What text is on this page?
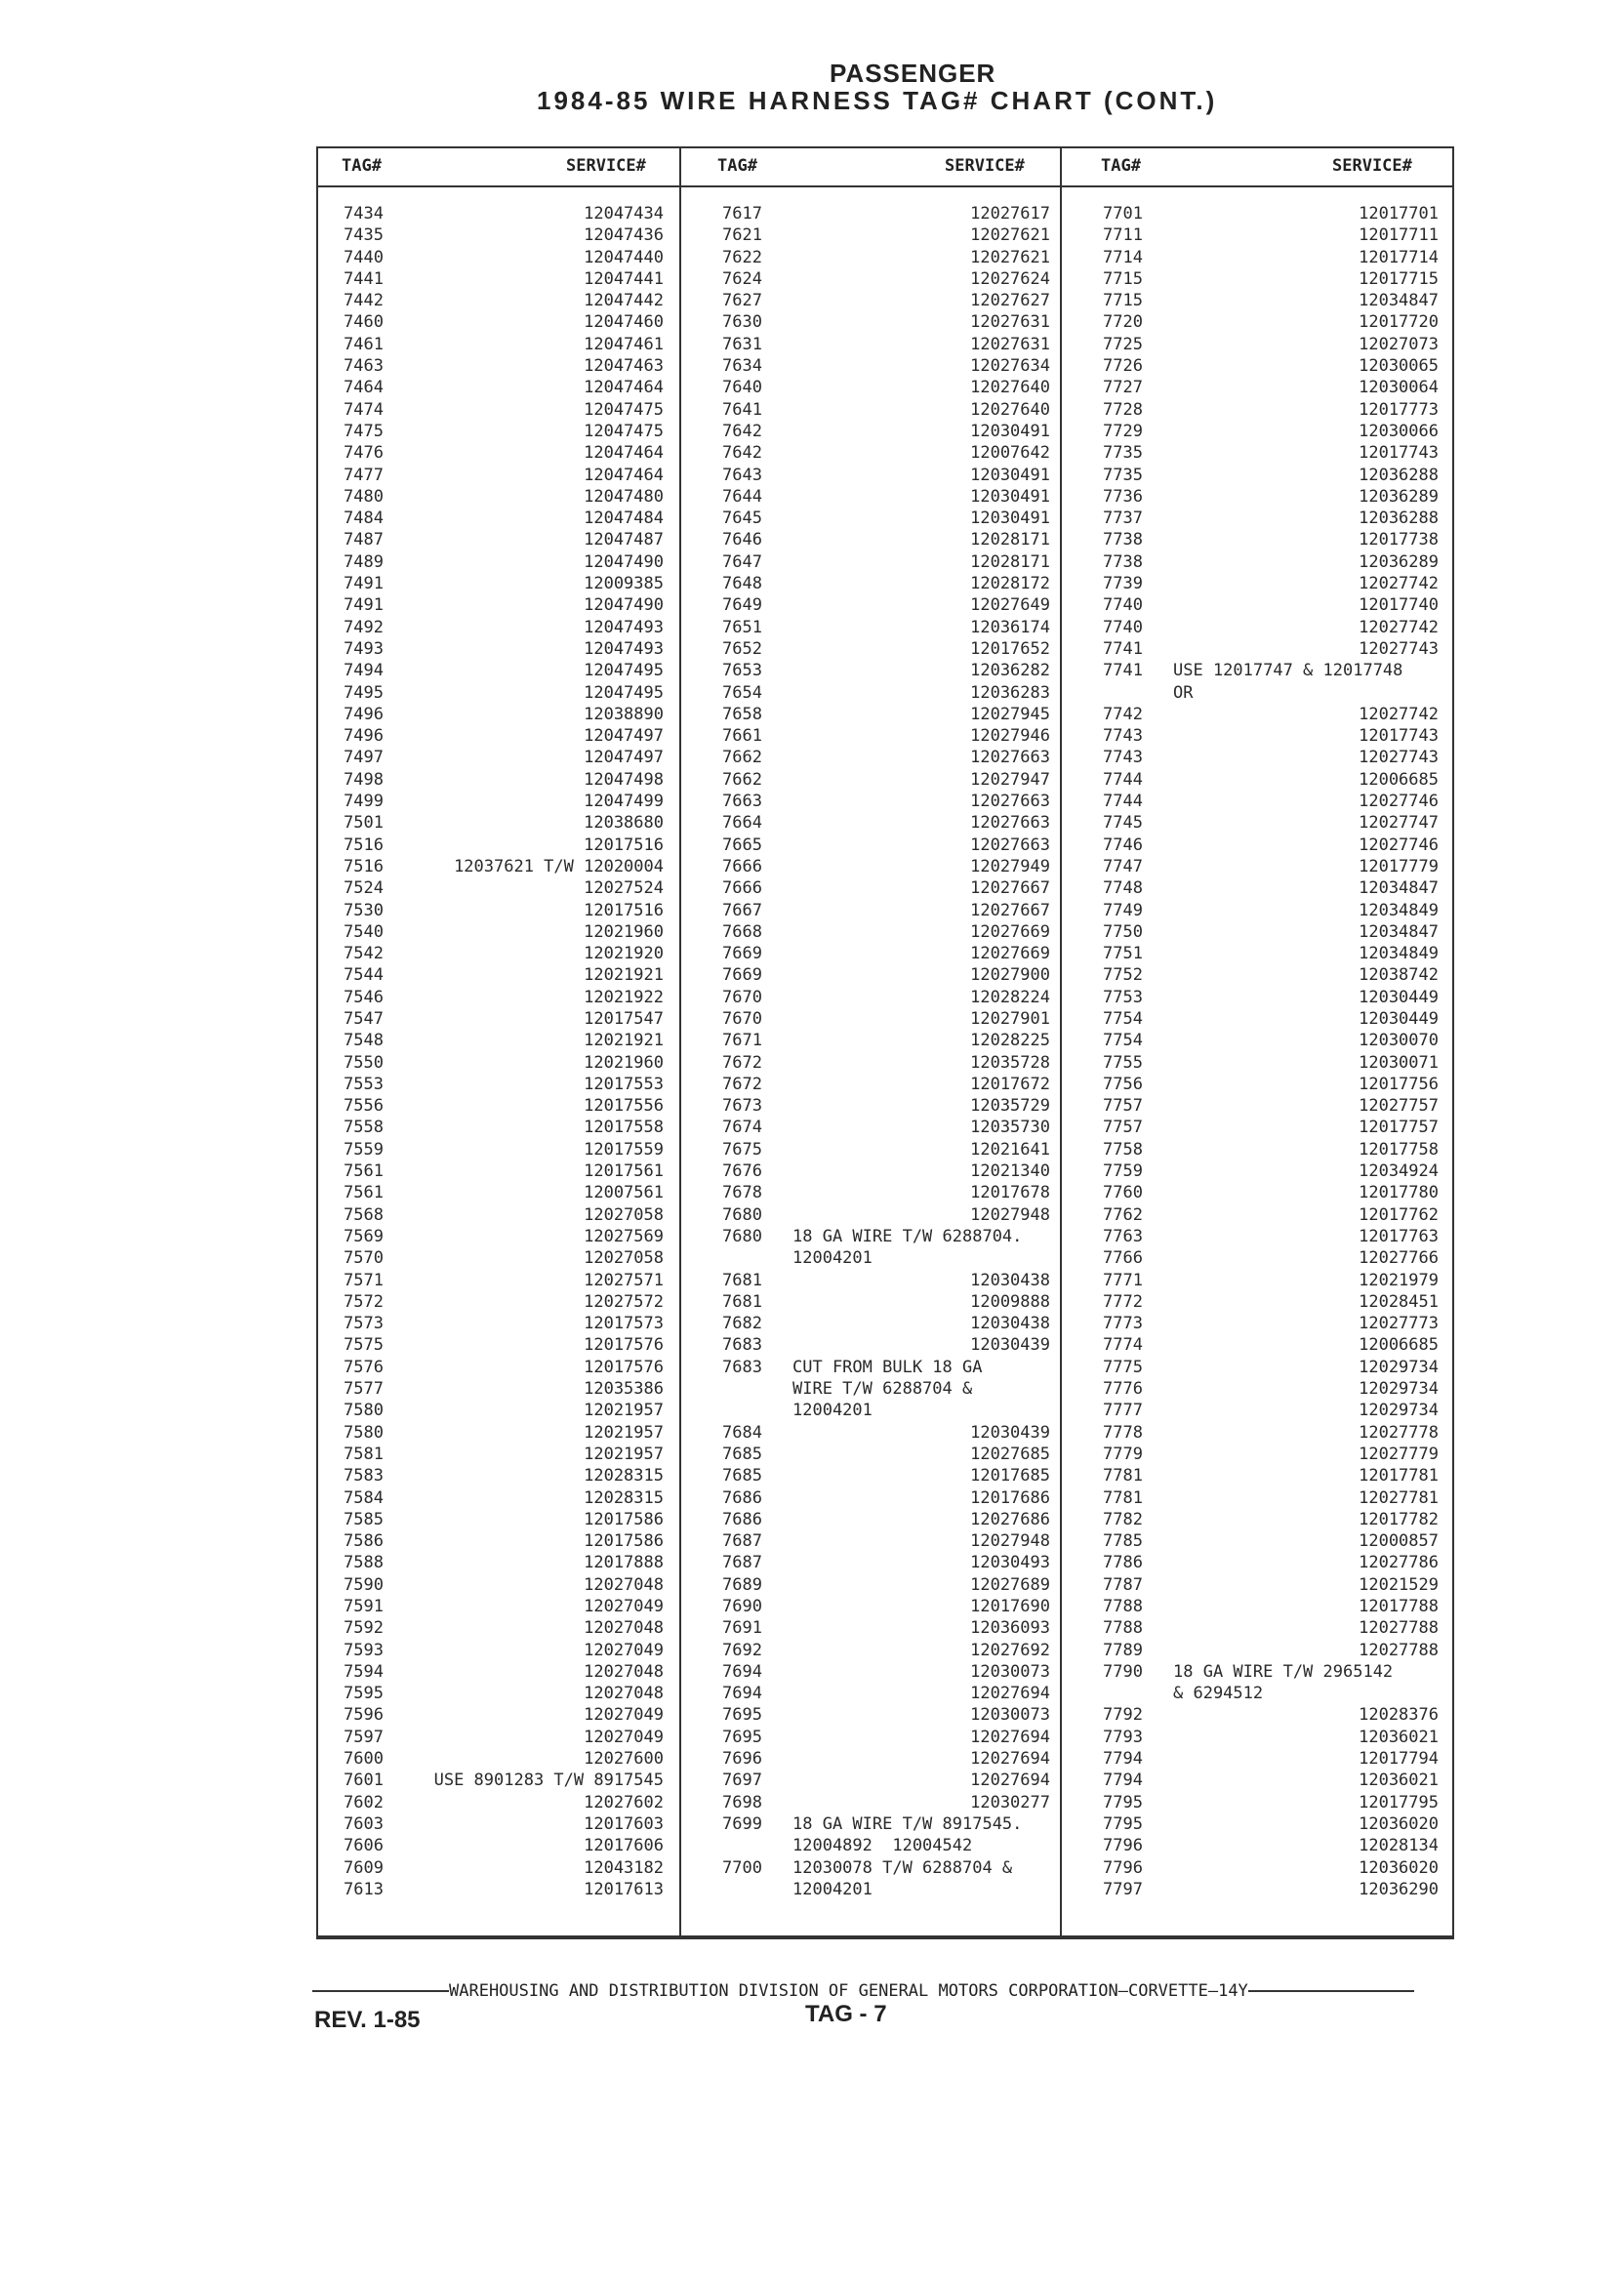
PASSENGER
1984-85 WIRE HARNESS TAG# CHART (CONT.)
TAG#	SERVICE#	TAG#	SERVICE#	TAG#	SERVICE#
7434	12047434
7435	12047436
7440	12047440
7441	12047441
7442	12047442
7460	12047460
7461	12047461
7463	12047463
7464	12047464
7474	12047475
7475	12047475
7476	12047464
7477	12047464
7480	12047480
7484	12047484
7487	12047487
7489	12047490
7491	12009385
7491	12047490
7492	12047493
7493	12047493
7494	12047495
7495	12047495
7496	12038890
7496	12047497
7497	12047497
7498	12047498
7499	12047499
7501	12038680
7516	12017516
7516	12037621 T/W 12020004
7524	12027524
7530	12017516
7540	12021960
7542	12021920
7544	12021921
7546	12021922
7547	12017547
7548	12021921
7550	12021960
7553	12017553
7556	12017556
7558	12017558
7559	12017559
7561	12017561
7561	12007561
7568	12027058
7569	12027569
7570	12027058
7571	12027571
7572	12027572
7573	12017573
7575	12017576
7576	12017576
7577	12035386
7580	12021957
7580	12021957
7581	12021957
7583	12028315
7584	12028315
7585	12017586
7586	12017586
7588	12017888
7590	12027048
7591	12027049
7592	12027048
7593	12027049
7594	12027048
7595	12027048
7596	12027049
7597	12027049
7600	12027600
7601	USE 8901283 T/W 8917545
7602	12027602
7603	12017603
7606	12017606
7609	12043182
7613	12017613
7617	12027617
7621	12027621
7622	12027621
7624	12027624
7627	12027627
7630	12027631
7631	12027631
7634	12027634
7640	12027640
7641	12027640
7642	12030491
7642	12007642
7643	12030491
7644	12030491
7645	12030491
7646	12028171
7647	12028171
7648	12028172
7649	12027649
7651	12036174
7652	12017652
7653	12036282
7654	12036283
7658	12027945
7661	12027946
7662	12027663
7662	12027947
7663	12027663
7664	12027663
7665	12027663
7666	12027949
7666	12027667
7667	12027667
7668	12027669
7669	12027669
7669	12027900
7670	12028224
7670	12027901
7671	12028225
7672	12035728
7672	12017672
7673	12035729
7674	12035730
7675	12021641
7676	12021340
7678	12017678
7680	12027948
7680 18 GA WIRE T/W 6288704.
12004201
7681	12030438
7681	12009888
7682	12030438
7683	12030439
7683 CUT FROM BULK 18 GA
WIRE T/W 6288704 &
12004201
7684	12030439
7685	12027685
7685	12017685
7686	12017686
7686	12027686
7687	12027948
7687	12030493
7689	12027689
7690	12017690
7691	12036093
7692	12027692
7694	12030073
7694	12027694
7695	12030073
7695	12027694
7696	12027694
7697	12027694
7698	12030277
7699 18 GA WIRE T/W 8917545.
12004892  12004542
7700 12030078 T/W 6288704 &
12004201
7701	12017701
7711	12017711
7714	12017714
7715	12017715
7715	12034847
7720	12017720
7725	12027073
7726	12030065
7727	12030064
7728	12017773
7729	12030066
7735	12017743
7735	12036288
7736	12036289
7737	12036288
7738	12017738
7738	12036289
7739	12027742
7740	12017740
7740	12027742
7741	12027743
7741 USE 12017747 & 12017748
OR
7742	12027742
7743	12017743
7743	12027743
7744	12006685
7744	12027746
7745	12027747
7746	12027746
7747	12017779
7748	12034847
7749	12034849
7750	12034847
7751	12034849
7752	12038742
7753	12030449
7754	12030449
7754	12030070
7755	12030071
7756	12017756
7757	12027757
7757	12017757
7758	12017758
7759	12034924
7760	12017780
7762	12017762
7763	12017763
7766	12027766
7771	12021979
7772	12028451
7773	12027773
7774	12006685
7775	12029734
7776	12029734
7777	12029734
7778	12027778
7779	12027779
7781	12017781
7781	12027781
7782	12017782
7785	12000857
7786	12027786
7787	12021529
7788	12017788
7788	12027788
7789	12027788
7790 18 GA WIRE T/W 2965142
& 6294512
7792	12028376
7793	12036021
7794	12017794
7794	12036021
7795	12017795
7795	12036020
7796	12028134
7796	12036020
7797	12036290
WAREHOUSING AND DISTRIBUTION DIVISION OF GENERAL MOTORS CORPORATION—CORVETTE—14Y
REV. 1-85	TAG - 7
